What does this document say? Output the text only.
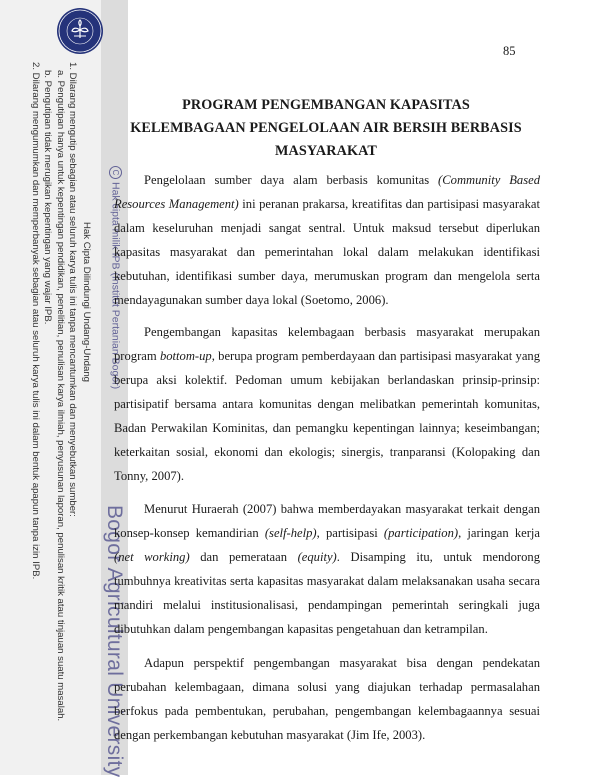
Hak Cipta Dilindungi Undang-Undang
1. Dilarang mengutip sebagian atau seluruh karya tulis ini tanpa mencantumkan dan menyebutkan sumber:
a. Pengutipan hanya untuk kepentingan pendidikan, penelitian, penulisan karya ilmiah, penyusunan laporan, penulisan kritik atau tinjauan suatu masalah.
b. Pengutipan tidak merugikan kepentingan yang wajar IPB.
2. Dilarang mengumumkan dan memperbanyak sebagian atau seluruh karya tulis ini dalam bentuk apapun tanpa izin IPB.	CHak cipta milik IPB (Institut Pertanian Bogor)
Bogor Agricultural University
85
PROGRAM PENGEMBANGAN KAPASITAS
KELEMBAGAAN PENGELOLAAN AIR BERSIH BERBASIS
MASYARAKAT

Pengelolaan sumber daya alam berbasis komunitas (Community Based Resources Management) ini peranan prakarsa, kreatifitas dan partisipasi masyarakat dalam keseluruhan menjadi sangat sentral. Untuk maksud tersebut diperlukan kapasitas masyarakat dan pemerintahan lokal dalam melakukan identifikasi kebutuhan, identifikasi sumber daya, merumuskan program dan mengelola serta mendayagunakan sumber daya lokal (Soetomo, 2006).

Pengembangan kapasitas kelembagaan berbasis masyarakat merupakan program bottom-up, berupa program pemberdayaan dan partisipasi masyarakat yang berupa aksi kolektif. Pedoman umum kebijakan berlandaskan prinsip-prinsip: partisipatif bersama antara komunitas dengan melibatkan pemerintah komunitas, Badan Perwakilan Kominitas, dan pemangku kepentingan lainnya; keseimbangan; keterkaitan sosial, ekonomi dan ekologis; sinergis, tranparansi (Kolopaking dan Tonny, 2007).

Menurut Huraerah (2007) bahwa memberdayakan masyarakat terkait dengan konsep-konsep kemandirian (self-help), partisipasi (participation), jaringan kerja (net working) dan pemerataan (equity). Disamping itu, untuk mendorong tumbuhnya kreativitas serta kapasitas masyarakat dalam melaksanakan usaha secara mandiri melalui institusionalisasi, pendampingan pemerintah seringkali juga dibutuhkan dalam pengembangan kapasitas pengetahuan dan ketrampilan.

Adapun perspektif pengembangan masyarakat bisa dengan pendekatan perubahan kelembagaan, dimana solusi yang diajukan terhadap permasalahan berfokus pada pembentukan, perubahan, pengembangan kelembagaannya sesuai dengan perkembangan kebutuhan masyarakat (Jim Ife, 2003).
